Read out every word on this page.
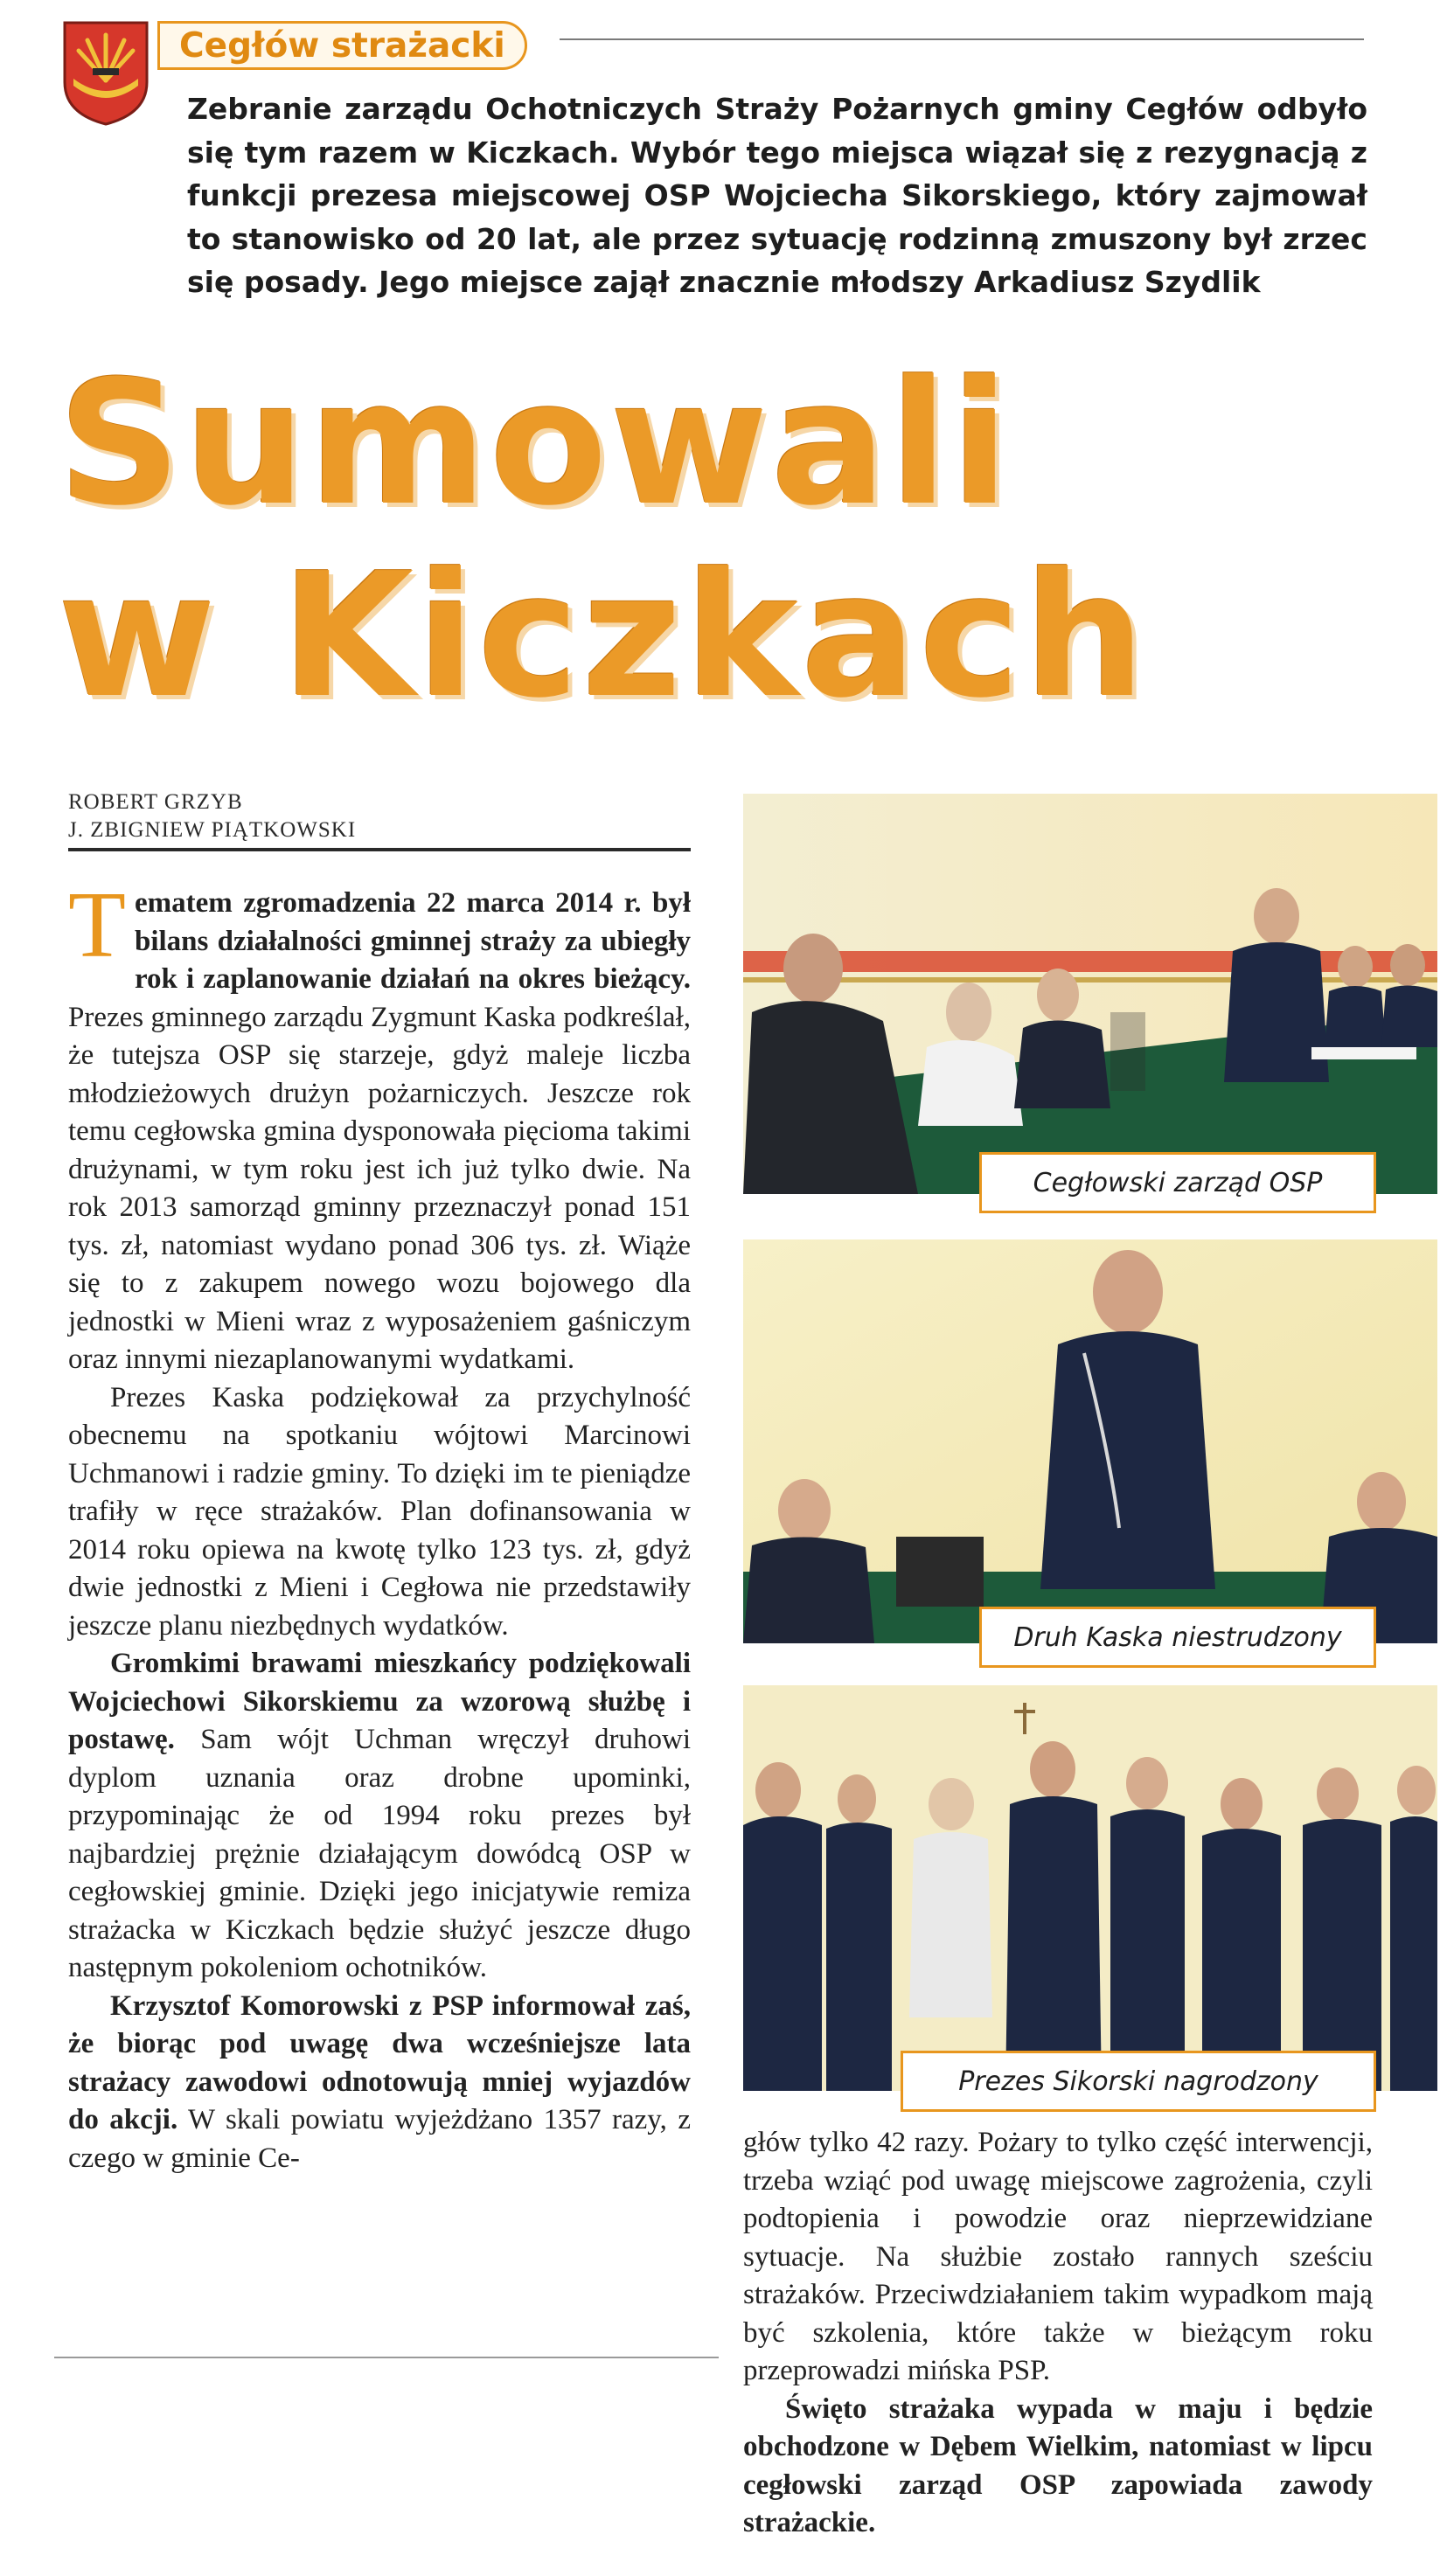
Cegłów strażacki
Zebranie zarządu Ochotniczych Straży Pożarnych gminy Cegłów odbyło się tym razem w Kiczkach. Wybór tego miejsca wiązał się z rezygnacją z funkcji prezesa miejscowej OSP Wojciecha Sikorskiego, który zajmował to stanowisko od 20 lat, ale przez sytuację rodzinną zmuszony był zrzec się posady. Jego miejsce zajął znacznie młodszy Arkadiusz Szydlik
Sumowali
w Kiczkach
ROBERT GRZYB
J. ZBIGNIEW PIĄTKOWSKI

Tematem zgromadzenia 22 marca 2014 r. był bilans działalności gminnej straży za ubiegły rok i zaplanowanie działań na okres bieżący. Prezes gminnego zarządu Zygmunt Kaska podkreślał, że tutejsza OSP się starzeje, gdyż maleje liczba młodzieżowych drużyn pożarniczych. Jeszcze rok temu cegłowska gmina dysponowała pięcioma takimi drużynami, w tym roku jest ich już tylko dwie. Na rok 2013 samorząd gminny przeznaczył ponad 151 tys. zł, natomiast wydano ponad 306 tys. zł. Wiąże się to z zakupem nowego wozu bojowego dla jednostki w Mieni wraz z wyposażeniem gaśniczym oraz innymi niezaplanowanymi wydatkami.

Prezes Kaska podziękował za przychylność obecnemu na spotkaniu wójtowi Marcinowi Uchmanowi i radzie gminy. To dzięki im te pieniądze trafiły w ręce strażaków. Plan dofinansowania w 2014 roku opiewa na kwotę tylko 123 tys. zł, gdyż dwie jednostki z Mieni i Cegłowa nie przedstawiły jeszcze planu niezbędnych wydatków.

Gromkimi brawami mieszkańcy podziękowali Wojciechowi Sikorskiemu za wzorową służbę i postawę. Sam wójt Uchman wręczył druhowi dyplom uznania oraz drobne upominki, przypominając że od 1994 roku prezes był najbardziej prężnie działającym dowódcą OSP w cegłowskiej gminie. Dzięki jego inicjatywie remiza strażacka w Kiczkach będzie służyć jeszcze długo następnym pokoleniom ochotników.

Krzysztof Komorowski z PSP informował zaś, że biorąc pod uwagę dwa wcześniejsze lata strażacy zawodowi odnotowują mniej wyjazdów do akcji. W skali powiatu wyjeżdżano 1357 razy, z czego w gminie Ce-	głów tylko 42 razy. Pożary to tylko część interwencji, trzeba wziąć pod uwagę miejscowe zagrożenia, czyli podtopienia i powodzie oraz nieprzewidziane sytuacje. Na służbie zostało rannych sześciu strażaków. Przeciwdziałaniem takim wypadkom mają być szkolenia, które także w bieżącym roku przeprowadzi mińska PSP.

Święto strażaka wypada w maju i będzie obchodzone w Dębem Wielkim, natomiast w lipcu cegłowski zarząd OSP zapowiada zawody strażackie.

Cegłowski zarząd OSP
Druh Kaska niestrudzony
Prezes Sikorski nagrodzony
